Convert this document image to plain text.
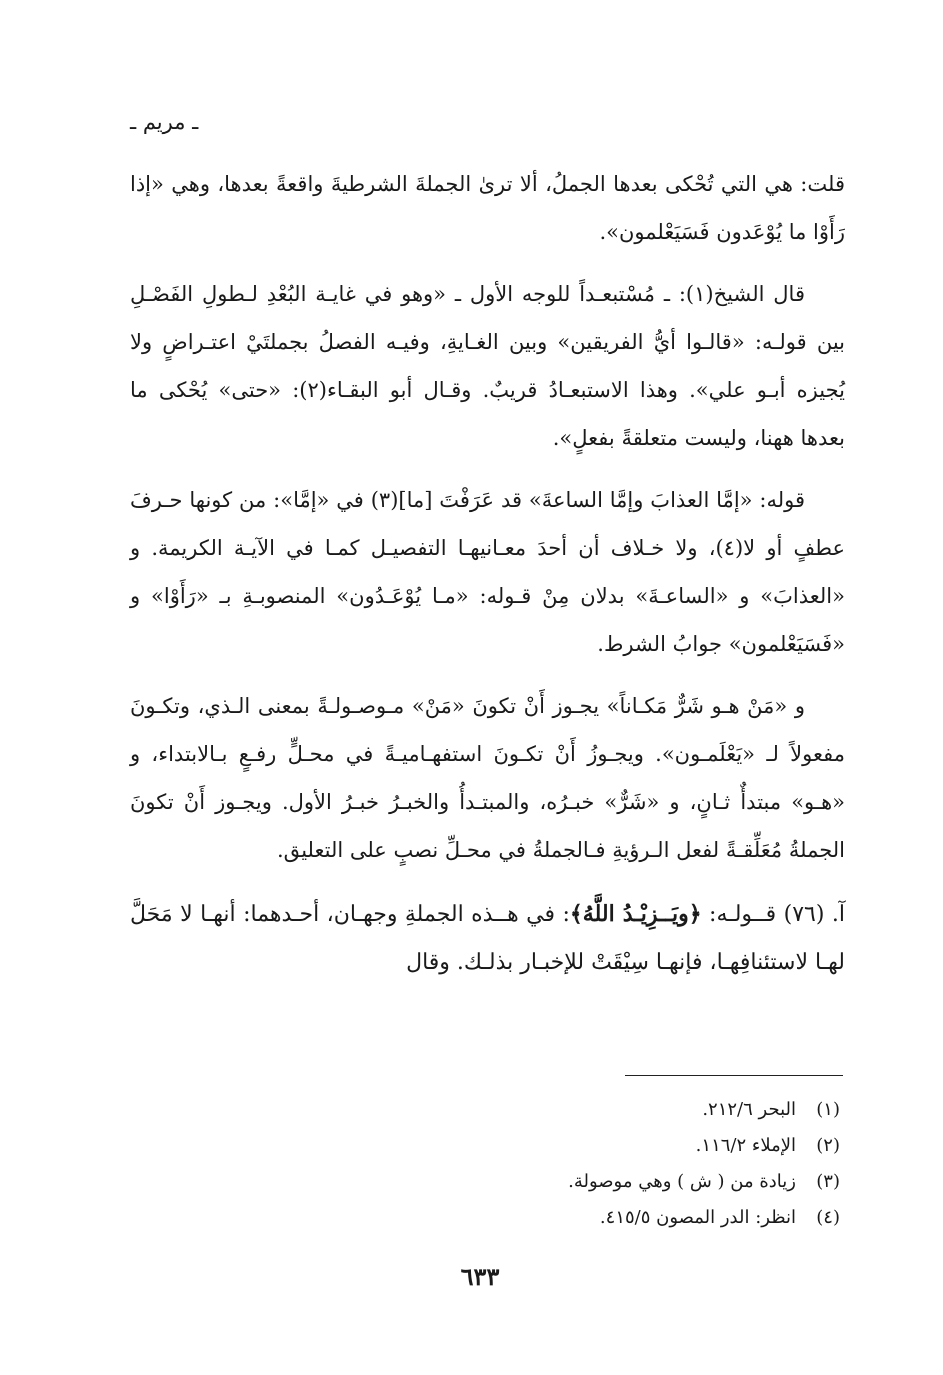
ـ مريم ـ

قلت: هي التي تُحْكى بعدها الجملُ، ألا ترىٰ الجملةَ الشرطيةَ واقعةً بعدها، وهي «إذا رَأَوْا ما يُوْعَدون فَسَيَعْلمون».

قال الشيخ(١): ـ مُسْتبعـداً للوجه الأول ـ «وهو في غايـة البُعْدِ لـطولِ الفَصْـلِ بين قولـه: «قالـوا أيُّ الفريقين» وبين الغـايةِ، وفيـه الفصلُ بجملتَيْ اعتـراضٍ ولا يُجيزه أبـو علي». وهذا الاستبعـادُ قريبٌ. وقـال أبو البقـاء(٢): «حتى» يُحْكى ما بعدها ههنا، وليست متعلقةً بفعلٍ».

قوله: «إمَّا العذابَ وإمَّا الساعةَ» قد عَرَفْتَ [ما](٣) في «إمَّا»: من كونها حـرفَ عطفٍ أو لا(٤)، ولا خـلاف أن أحدَ معـانيهـا التفصيـل كمـا في الآيـة الكريمة. و «العذابَ» و «الساعـةَ» بدلان مِنْ قـوله: «مـا يُوْعَـدُون» المنصوبـةِ بـ «رَأَوْا» و «فَسَيَعْلمون» جوابُ الشرط.

و «مَنْ هـو شَرٌّ مَكـاناً» يجـوز أَنْ تكونَ «مَنْ» مـوصـولـةً بمعنى الـذي، وتكـونَ مفعولاً لـ «يَعْلَمـون». ويجـوزُ أَنْ تكـونَ استفهـاميـةً في محـلٍّ رفـعٍ بـالابتداء، و «هـو» مبتدأٌ ثـانٍ، و «شَرٌّ» خبـرُه، والمبتـدأُ والخبـرُ خبـرُ الأول. ويجـوز أَنْ تكونَ الجملةُ مُعَلِّقـةً لفعل الـرؤيةِ فـالجملةُ في محـلِّ نصبٍ على التعليق.

آ. (٧٦) قــولـه: ﴿ويَــزِيْـدُ اللَّهُ﴾: في هــذه الجملةِ وجهـان، أحـدهما: أنهـا لا مَحَلَّ لهـا لاستئنافِهـا، فإنهـا سِيْقَتْ للإخبـار بذلـك. وقال

(١)البحر ٢١٢/٦.
(٢)الإملاء ١١٦/٢.
(٣)زيادة من ( ش ) وهي موصولة.
(٤)انظر: الدر المصون ٤١٥/٥.
٦٣٣
